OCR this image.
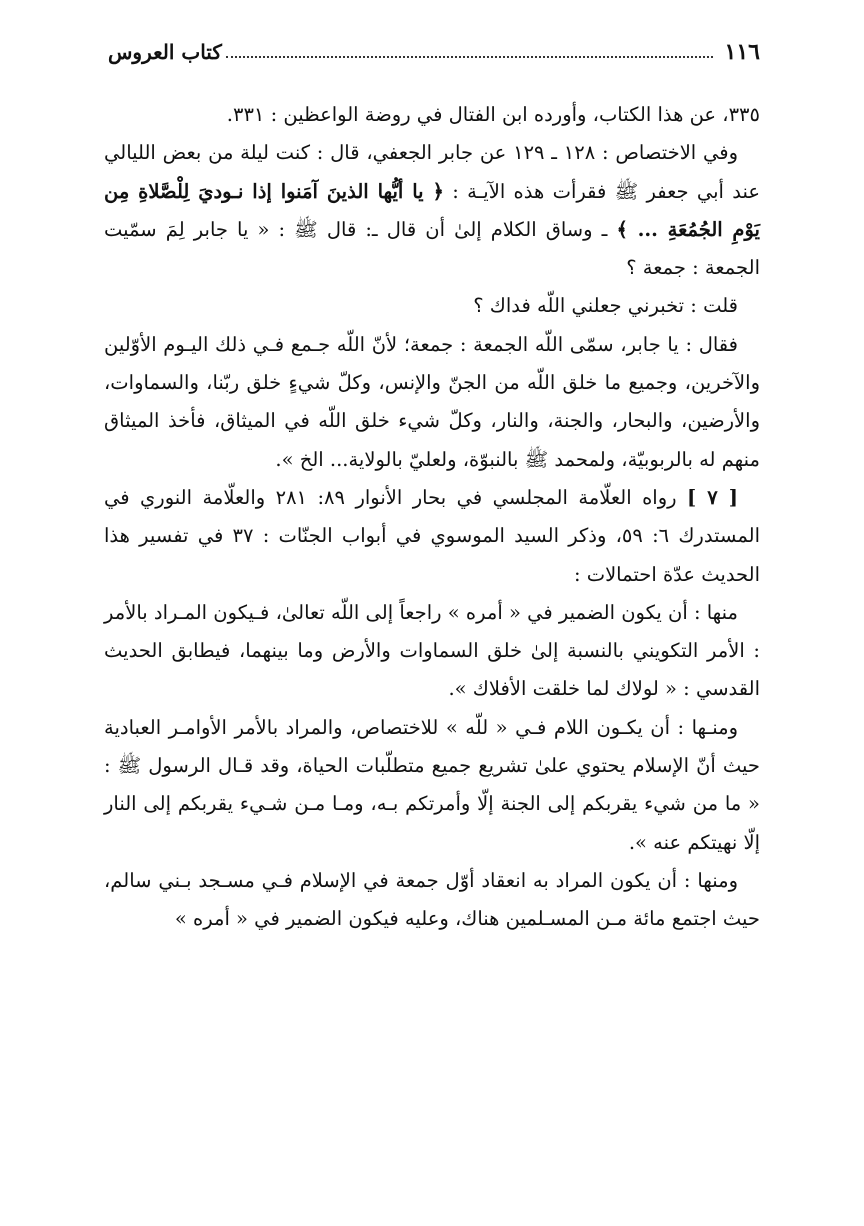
١١٦
كتاب العروس

٣٣٥، عن هذا الكتاب، وأورده ابن الفتال في روضة الواعظين : ٣٣١.

وفي الاختصاص : ١٢٨ ـ ١٢٩ عن جابر الجعفي، قال : كنت ليلة من بعض الليالي عند أبي جعفر ﷺ فقرأت هذه الآيـة : ﴿ يا أيُّها الذينَ آمَنوا إذا نـوديَ لِلْصَّلاةِ مِن يَوْمِ الجُمُعَةِ ... ﴾ ـ وساق الكلام إلىٰ أن قال ـ: قال ﷺ : « يا جابر لِمَ سمّيت الجمعة : جمعة ؟

قلت : تخبرني جعلني اللّه فداك ؟

فقال : يا جابر، سمّى اللّه الجمعة : جمعة؛ لأنّ اللّه جـمع فـي ذلك اليـوم الأوّلين والآخرين، وجميع ما خلق اللّه من الجنّ والإنس، وكلّ شيءٍ خلق ربّنا، والسماوات، والأرضين، والبحار، والجنة، والنار، وكلّ شيء خلق اللّه في الميثاق، فأخذ الميثاق منهم له بالربوبيّة، ولمحمد ﷺ بالنبوّة، ولعليّ بالولاية... الخ ».

[ ٧ ] رواه العلّامة المجلسي في بحار الأنوار ٨٩: ٢٨١ والعلّامة النوري في المستدرك ٦: ٥٩، وذكر السيد الموسوي في أبواب الجنّات : ٣٧ في تفسير هذا الحديث عدّة احتمالات :

منها : أن يكون الضمير في « أمره » راجعاً إلى اللّه تعالىٰ، فـيكون المـراد بالأمر : الأمر التكويني بالنسبة إلىٰ خلق السماوات والأرض وما بينهما، فيطابق الحديث القدسي : « لولاك لما خلقت الأفلاك ».

ومنـها : أن يكـون اللام فـي « للّه » للاختصاص، والمراد بالأمر الأوامـر العبادية حيث أنّ الإسلام يحتوي علىٰ تشريع جميع متطلّبات الحياة، وقد قـال الرسول ﷺ : « ما من شيء يقربكم إلى الجنة إلّا وأمرتكم بـه، ومـا مـن شـيء يقربكم إلى النار إلّا نهيتكم عنه ».

ومنها : أن يكون المراد به انعقاد أوّل جمعة في الإسلام فـي مسـجد بـني سالم، حيث اجتمع مائة مـن المسـلمين هناك، وعليه فيكون الضمير في « أمره »
